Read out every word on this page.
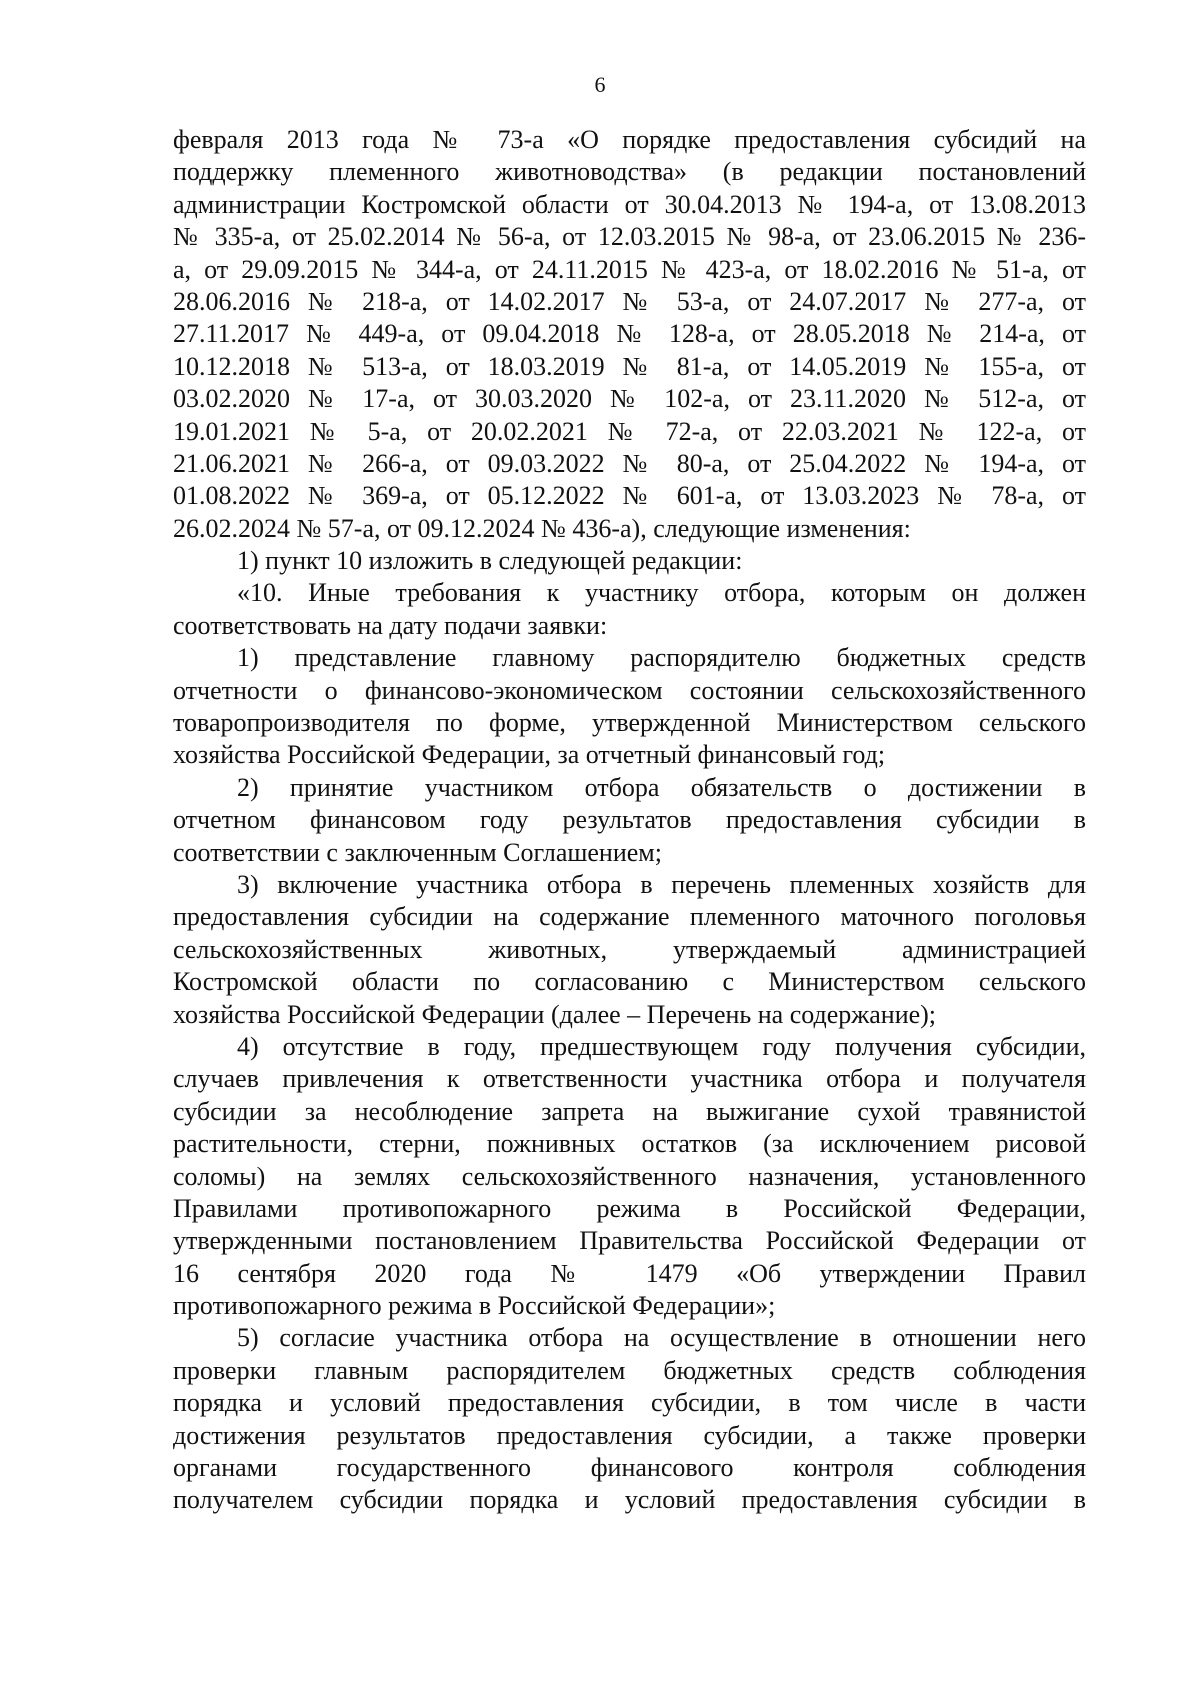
6

февраля 2013 года № 73-а «О порядке предоставления субсидий на
поддержку племенного животноводства» (в редакции постановлений
администрации Костромской области от 30.04.2013 № 194-а, от 13.08.2013
№ 335-а, от 25.02.2014 № 56-а, от 12.03.2015 № 98-а, от 23.06.2015 № 236-
а, от 29.09.2015 № 344-а, от 24.11.2015 № 423-а, от 18.02.2016 № 51-а, от
28.06.2016 № 218-а, от 14.02.2017 № 53-а, от 24.07.2017 № 277-а, от
27.11.2017 № 449-а, от 09.04.2018 № 128-а, от 28.05.2018 № 214-а, от
10.12.2018 № 513-а, от 18.03.2019 № 81-а, от 14.05.2019 № 155-а, от
03.02.2020 № 17-а, от 30.03.2020 № 102-а, от 23.11.2020 № 512-а, от
19.01.2021 № 5-а, от 20.02.2021 № 72-а, от 22.03.2021 № 122-а, от
21.06.2021 № 266-а, от 09.03.2022 № 80-а, от 25.04.2022 № 194-а, от
01.08.2022 № 369-а, от 05.12.2022 № 601-а, от 13.03.2023 № 78-а, от
26.02.2024 № 57-а, от 09.12.2024 № 436-а), следующие изменения:

1) пункт 10 изложить в следующей редакции:

«10. Иные требования к участнику отбора, которым он должен
соответствовать на дату подачи заявки:

1) представление главному распорядителю бюджетных средств
отчетности о финансово-экономическом состоянии сельскохозяйственного
товаропроизводителя по форме, утвержденной Министерством сельского
хозяйства Российской Федерации, за отчетный финансовый год;

2) принятие участником отбора обязательств о достижении в
отчетном финансовом году результатов предоставления субсидии в
соответствии с заключенным Соглашением;

3) включение участника отбора в перечень племенных хозяйств для
предоставления субсидии на содержание племенного маточного поголовья
сельскохозяйственных животных, утверждаемый администрацией
Костромской области по согласованию с Министерством сельского
хозяйства Российской Федерации (далее – Перечень на содержание);

4) отсутствие в году, предшествующем году получения субсидии,
случаев привлечения к ответственности участника отбора и получателя
субсидии за несоблюдение запрета на выжигание сухой травянистой
растительности, стерни, пожнивных остатков (за исключением рисовой
соломы) на землях сельскохозяйственного назначения, установленного
Правилами противопожарного режима в Российской Федерации,
утвержденными постановлением Правительства Российской Федерации от
16 сентября 2020 года № 1479 «Об утверждении Правил
противопожарного режима в Российской Федерации»;

5) согласие участника отбора на осуществление в отношении него
проверки главным распорядителем бюджетных средств соблюдения
порядка и условий предоставления субсидии, в том числе в части
достижения результатов предоставления субсидии, а также проверки
органами государственного финансового контроля соблюдения
получателем субсидии порядка и условий предоставления субсидии в
